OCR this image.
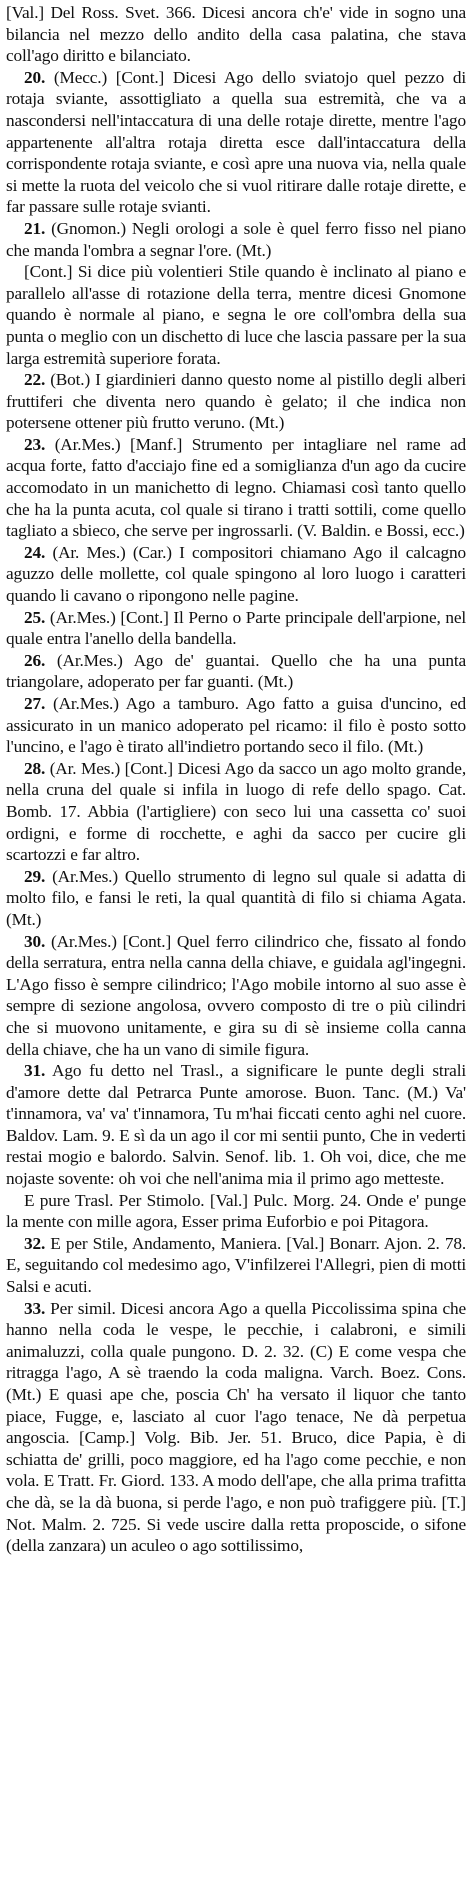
[Val.] Del Ross. Svet. 366. Dicesi ancora ch'e' vide in sogno una bilancia nel mezzo dello andito della casa palatina, che stava coll'ago diritto e bilanciato.

20. (Mecc.) [Cont.] Dicesi Ago dello sviatojo quel pezzo di rotaja sviante, assottigliato a quella sua estremità, che va a nascondersi nell'intaccatura di una delle rotaje dirette, mentre l'ago appartenente all'altra rotaja diretta esce dall'intaccatura della corrispondente rotaja sviante, e così apre una nuova via, nella quale si mette la ruota del veicolo che si vuol ritirare dalle rotaje dirette, e far passare sulle rotaje svianti.

21. (Gnomon.) Negli orologi a sole è quel ferro fisso nel piano che manda l'ombra a segnar l'ore. (Mt.)
[Cont.] Si dice più volentieri Stile quando è inclinato al piano e parallelo all'asse di rotazione della terra, mentre dicesi Gnomone quando è normale al piano, e segna le ore coll'ombra della sua punta o meglio con un dischetto di luce che lascia passare per la sua larga estremità superiore forata.

22. (Bot.) I giardinieri danno questo nome al pistillo degli alberi fruttiferi che diventa nero quando è gelato; il che indica non potersene ottener più frutto veruno. (Mt.)

23. (Ar.Mes.) [Manf.] Strumento per intagliare nel rame ad acqua forte, fatto d'acciajo fine ed a somiglianza d'un ago da cucire accomodato in un manichetto di legno. Chiamasi così tanto quello che ha la punta acuta, col quale si tirano i tratti sottili, come quello tagliato a sbieco, che serve per ingrossarli. (V. Baldin. e Bossi, ecc.)

24. (Ar. Mes.) (Car.) I compositori chiamano Ago il calcagno aguzzo delle mollette, col quale spingono al loro luogo i caratteri quando li cavano o ripongono nelle pagine.

25. (Ar.Mes.) [Cont.] Il Perno o Parte principale dell'arpione, nel quale entra l'anello della bandella.

26. (Ar.Mes.) Ago de' guantai. Quello che ha una punta triangolare, adoperato per far guanti. (Mt.)

27. (Ar.Mes.) Ago a tamburo. Ago fatto a guisa d'uncino, ed assicurato in un manico adoperato pel ricamo: il filo è posto sotto l'uncino, e l'ago è tirato all'indietro portando seco il filo. (Mt.)

28. (Ar. Mes.) [Cont.] Dicesi Ago da sacco un ago molto grande, nella cruna del quale si infila in luogo di refe dello spago. Cat. Bomb. 17. Abbia (l'artigliere) con seco lui una cassetta co' suoi ordigni, e forme di rocchette, e aghi da sacco per cucire gli scartozzi e far altro.

29. (Ar.Mes.) Quello strumento di legno sul quale si adatta di molto filo, e fansi le reti, la qual quantità di filo si chiama Agata. (Mt.)

30. (Ar.Mes.) [Cont.] Quel ferro cilindrico che, fissato al fondo della serratura, entra nella canna della chiave, e guidala agl'ingegni. L'Ago fisso è sempre cilindrico; l'Ago mobile intorno al suo asse è sempre di sezione angolosa, ovvero composto di tre o più cilindri che si muovono unitamente, e gira su di sè insieme colla canna della chiave, che ha un vano di simile figura.

31. Ago fu detto nel Trasl., a significare le punte degli strali d'amore dette dal Petrarca Punte amorose. Buon. Tanc. (M.) Va' t'innamora, va' va' t'innamora, Tu m'hai ficcati cento aghi nel cuore. Baldov. Lam. 9. E sì da un ago il cor mi sentii punto, Che in vederti restai mogio e balordo. Salvin. Senof. lib. 1. Oh voi, dice, che me nojaste sovente: oh voi che nell'anima mia il primo ago metteste.
E pure Trasl. Per Stimolo. [Val.] Pulc. Morg. 24. Onde e' punge la mente con mille agora, Esser prima Euforbio e poi Pitagora.

32. E per Stile, Andamento, Maniera. [Val.] Bonarr. Ajon. 2. 78. E, seguitando col medesimo ago, V'infilzerei l'Allegri, pien di motti Salsi e acuti.

33. Per simil. Dicesi ancora Ago a quella Piccolissima spina che hanno nella coda le vespe, le pecchie, i calabroni, e simili animaluzzi, colla quale pungono. D. 2. 32. (C) E come vespa che ritragga l'ago, A sè traendo la coda maligna. Varch. Boez. Cons. (Mt.) E quasi ape che, poscia Ch' ha versato il liquor che tanto piace, Fugge, e, lasciato al cuor l'ago tenace, Ne dà perpetua angoscia. [Camp.] Volg. Bib. Jer. 51. Bruco, dice Papia, è di schiatta de' grilli, poco maggiore, ed ha l'ago come pecchie, e non vola. E Tratt. Fr. Giord. 133. A modo dell'ape, che alla prima trafitta che dà, se la dà buona, si perde l'ago, e non può trafiggere più. [T.] Not. Malm. 2. 725. Si vede uscire dalla retta proposcide, o sifone (della zanzara) un aculeo o ago sottilissimo,
